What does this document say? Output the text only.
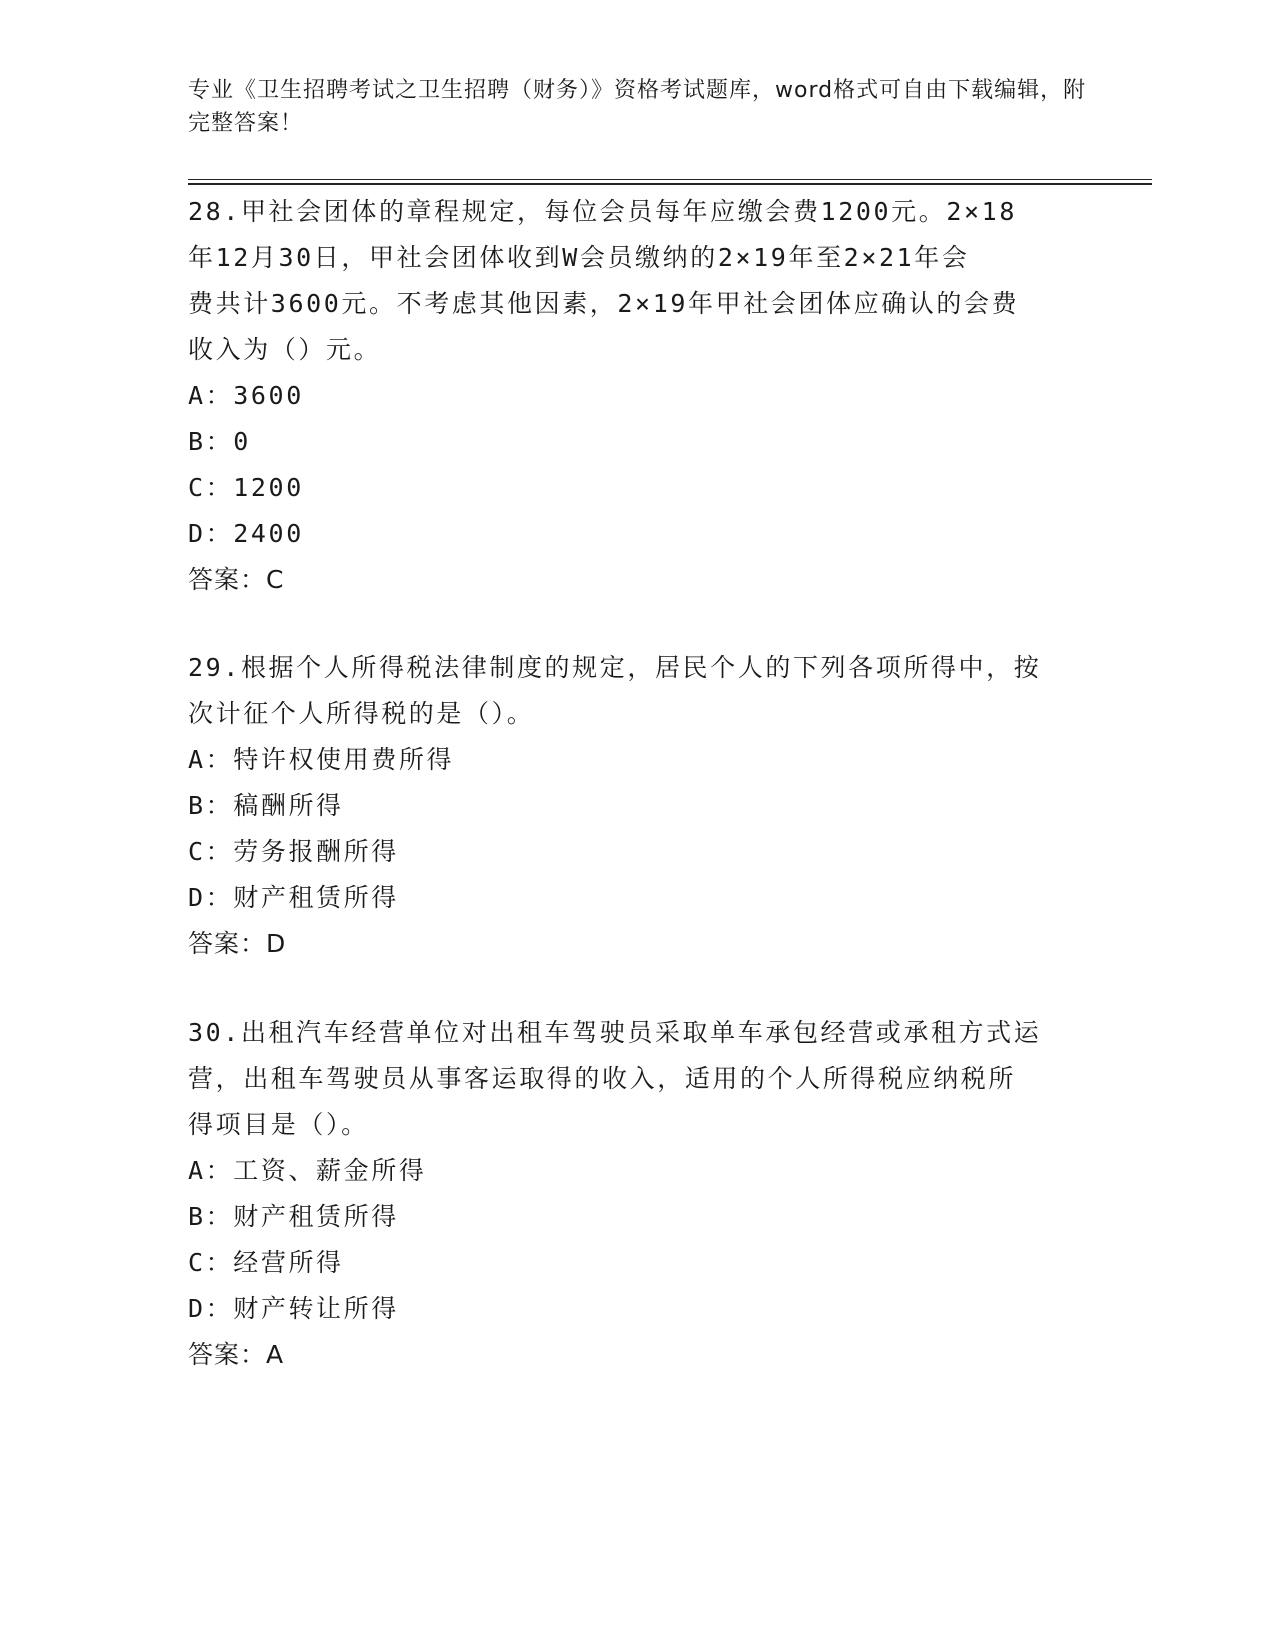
专业《卫生招聘考试之卫生招聘（财务）》资格考试题库，word格式可自由下载编辑，附完整答案！

28.甲社会团体的章程规定，每位会员每年应缴会费1200元。2×18

年12月30日，甲社会团体收到W会员缴纳的2×19年至2×21年会

费共计3600元。不考虑其他因素，2×19年甲社会团体应确认的会费

收入为（）元。

A：3600

B：0

C：1200

D：2400

答案：C

29.根据个人所得税法律制度的规定，居民个人的下列各项所得中，按

次计征个人所得税的是（）。

A：特许权使用费所得

B：稿酬所得

C：劳务报酬所得

D：财产租赁所得

答案：D

30.出租汽车经营单位对出租车驾驶员采取单车承包经营或承租方式运

营，出租车驾驶员从事客运取得的收入，适用的个人所得税应纳税所

得项目是（）。

A：工资、薪金所得

B：财产租赁所得

C：经营所得

D：财产转让所得

答案：A
